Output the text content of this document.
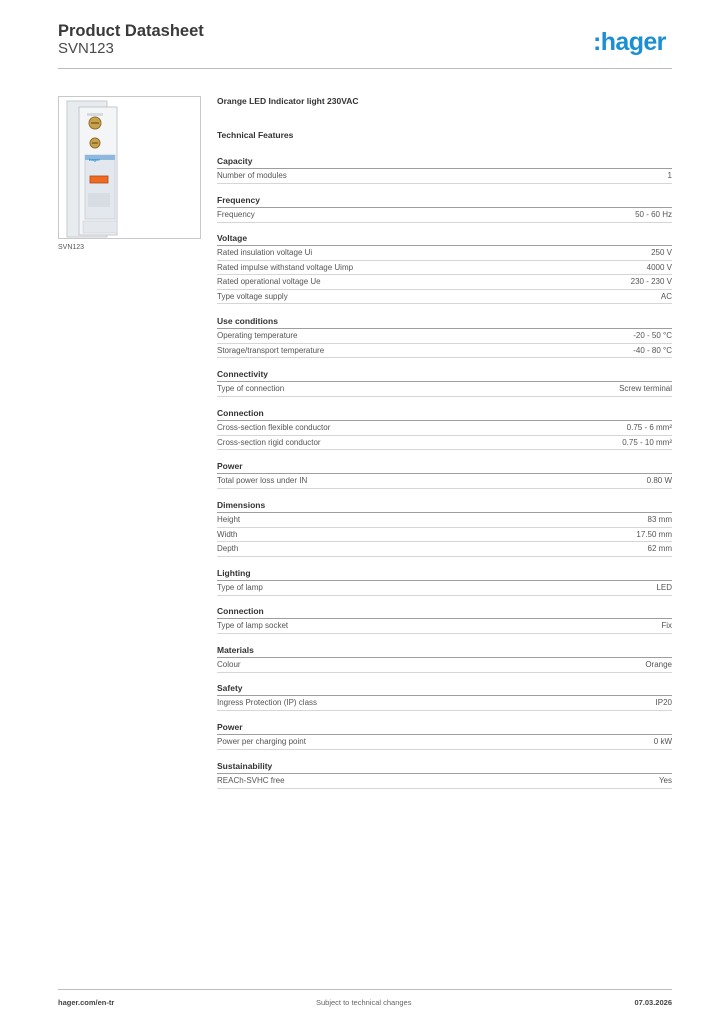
Product Datasheet
SVN123	:hager
hager
SVN123
Orange LED Indicator light 230VAC
Technical Features
Capacity
Number of modules	1
Frequency
Frequency	50 - 60 Hz
Voltage
Rated insulation voltage Ui	250 V
Rated impulse withstand voltage Uimp	4000 V
Rated operational voltage Ue	230 - 230 V
Type voltage supply	AC
Use conditions
Operating temperature	-20 - 50 °C
Storage/transport temperature	-40 - 80 °C
Connectivity
Type of connection	Screw terminal
Connection
Cross-section flexible conductor	0.75 - 6 mm²
Cross-section rigid conductor	0.75 - 10 mm²
Power
Total power loss under IN	0.80 W
Dimensions
Height	83 mm
Width	17.50 mm
Depth	62 mm
Lighting
Type of lamp	LED
Connection
Type of lamp socket	Fix
Materials
Colour	Orange
Safety
Ingress Protection (IP) class	IP20
Power
Power per charging point	0 kW
Sustainability
REACh-SVHC free	Yes
hager.com/en-tr	Subject to technical changes	07.03.2026
